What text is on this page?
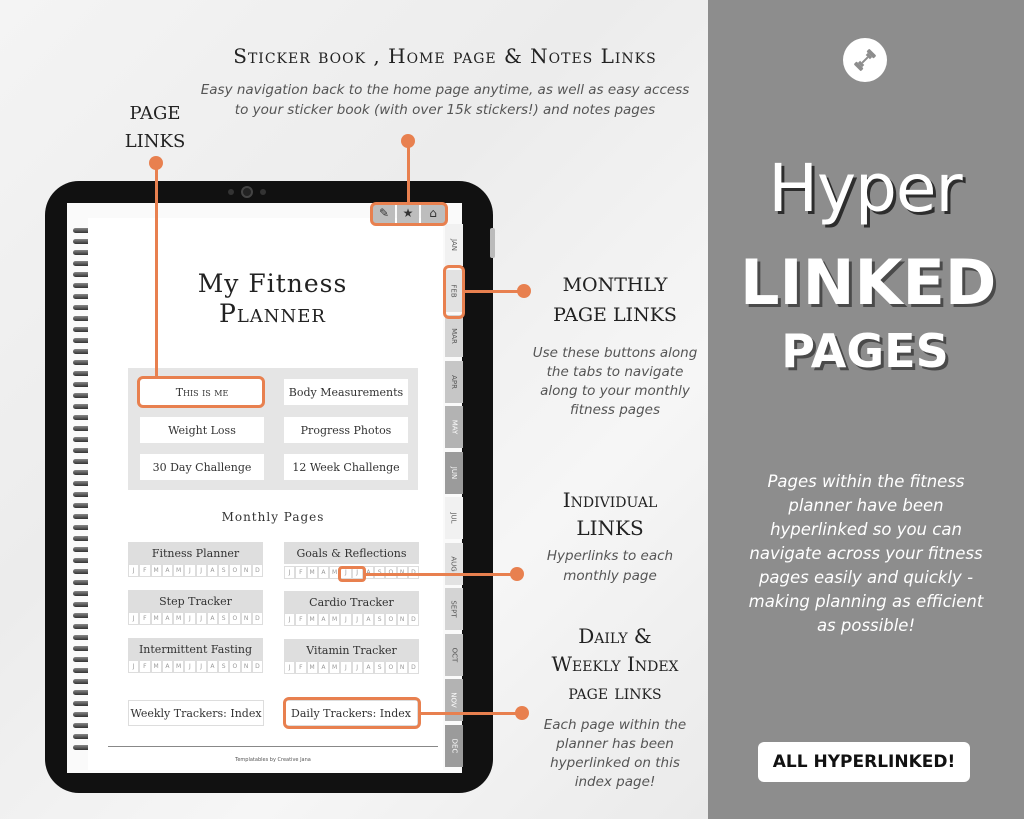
Hyper
LINKED
PAGES
Pages within the fitness planner have been hyperlinked so you can navigate across your fitness pages easily and quickly - making planning as efficient as possible!
ALL HYPERLINKED!
Sticker book , Home page & Notes Links
Easy navigation back to the home page anytime, as well as easy access
to your sticker book (with over 15k stickers!) and notes pages
PAGE
LINKS
MONTHLY
PAGE LINKS
Use these buttons along
the tabs to navigate
along to your monthly
fitness pages
Individual
LINKS
Hyperlinks to each
monthly page
Daily &
Weekly Index
page links
Each page within the
planner has been
hyperlinked on this
index page!
✎	★	⌂
My Fitness
Planner
This is me	Body Measurements
Weight Loss	Progress Photos
30 Day Challenge	12 Week Challenge
Monthly Pages
Fitness Planner	Goals & Reflections
Step Tracker	Cardio Tracker
Intermittent Fasting	Vitamin Tracker
J	F	M	A	M	J	J	A	S	O	N	D	J	F	M	A	M	J	J
J	F	M	A	M	J	J	A	S	O	N	D	J	F	M	A	M	J	J	A	S	O	N	D
J	F	M	A	M	J	J	A	S	O	N	D	J	F	M	A	M	J	J	A	S	O	N	D
Weekly Trackers: Index	Daily Trackers: Index
Templatables by Creative Jana
JAN
FEB
MAR
APR
MAY
JUN
JUL
AUG
SEPT
OCT
NOV
DEC
